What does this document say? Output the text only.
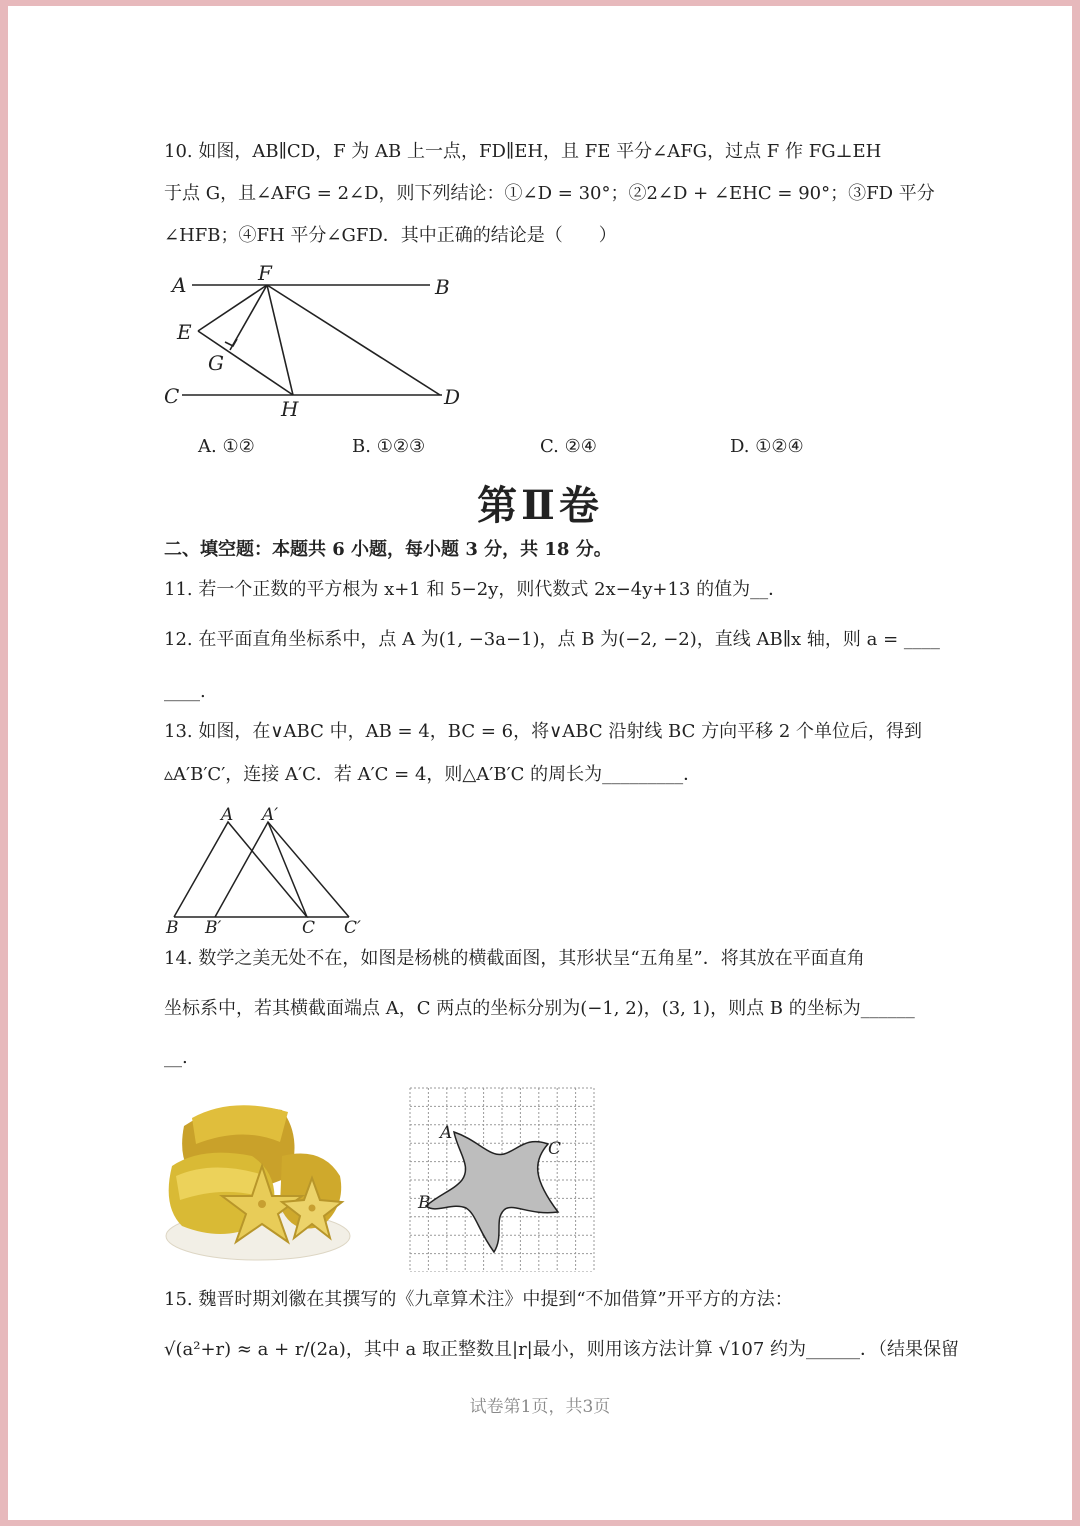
10. 如图，AB∥CD，F 为 AB 上一点，FD∥EH，且 FE 平分∠AFG，过点 F 作 FG⊥EH
于点 G，且∠AFG = 2∠D，则下列结论：①∠D = 30°；②2∠D + ∠EHC = 90°；③FD 平分
∠HFB；④FH 平分∠GFD．其中正确的结论是（　　）
A	F
B
E
G
C	D
H
A. ①②	B. ①②③	C. ②④	D. ①②④
第Ⅱ卷
二、填空题：本题共 6 小题，每小题 3 分，共 18 分。
11. 若一个正数的平方根为 x+1 和 5−2y，则代数式 2x−4y+13 的值为__．
12. 在平面直角坐标系中，点 A 为(1, −3a−1)，点 B 为(−2, −2)，直线 AB∥x 轴，则 a = ____
____.
13. 如图，在∨ABC 中，AB = 4，BC = 6，将∨ABC 沿射线 BC 方向平移 2 个单位后，得到
▵A′B′C′，连接 A′C．若 A′C = 4，则△A′B′C 的周长为_________．
A A′
B B′	C C′
14. 数学之美无处不在，如图是杨桃的横截面图，其形状呈“五角星”．将其放在平面直角
坐标系中，若其横截面端点 A，C 两点的坐标分别为(−1, 2)，(3, 1)，则点 B 的坐标为______
__.
A
C
B
15. 魏晋时期刘徽在其撰写的《九章算术注》中提到“不加借算”开平方的方法：
√(a²+r) ≈ a + r/(2a)，其中 a 取正整数且|r|最小，则用该方法计算 √107 约为______．（结果保留
试卷第1页，共3页
